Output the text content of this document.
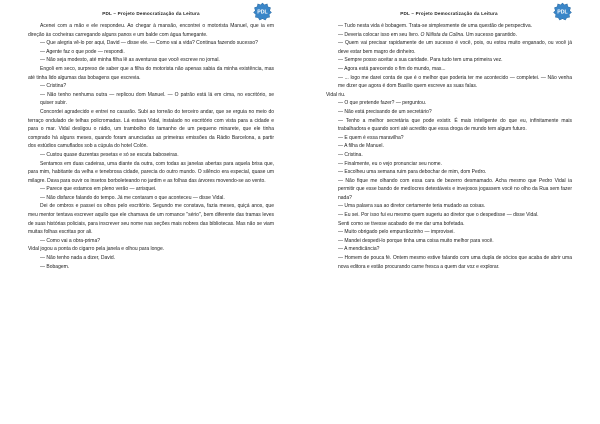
PDL – Projeto Democratização da Leitura	PDL

Acenei com a mão e ele respondeu. Ao chegar à mansão, encontrei o motorista Manuel, que ia em direção às cocheiras carregando alguns panos e um balde com água fumegante.

— Que alegria vê-lo por aqui, David — disse ele. — Como vai a vida? Continua fazendo sucesso?

— Agente faz o que pode — respondi.

— Não seja modesto, até minha filha lê as aventuras que você escreve no jornal.

Engoli em seco, surpreso de saber que a filha do motorista não apenas sabia da minha existência, mas até tinha lido algumas das bobagens que escrevia.

— Cristina?

— Não tenho nenhuma outra — replicou dom Manuel. — O patrão está lá em cima, no escritório, se quiser subir.

Concordei agradecido e entrei no casarão. Subi ao torreão do terceiro andar, que se erguia no meio do terraço ondulado de telhas policromadas. Lá estava Vidal, instalado no escritório com vista para a cidade e para o mar. Vidal desligou o rádio, um trambolho do tamanho de um pequeno minarete, que ele tinha comprado há alguns meses, quando foram anunciadas as primeiras emissões da Rádio Barcelona, a partir dos estúdios camuflados sob a cúpula do hotel Colón.

— Custou quase duzentas pesetas e só se escuta baboseiras.

Sentamos em duas cadeiras, uma diante da outra, com todas as janelas abertas para aquela brisa que, para mim, habitante da velha e tenebrosa cidade, parecia do outro mundo. O silêncio era especial, quase um milagre. Dava para ouvir os insetos borboleteando no jardim e as folhas das árvores movendo-se ao vento.

— Parece que estamos em pleno verão — arrisquei.

— Não disfarce falando do tempo. Já me contaram o que aconteceu — disse Vidal.

Dei de ombros e passei os olhos pelo escritório. Segundo me constava, fazia meses, quiçá anos, que meu mentor tentava escrever aquilo que ele chamava de um romance "sério", bem diferente das tramas leves de suas histórias policiais, para inscrever seu nome nas seções mais nobres das bibliotecas. Mas não se viam muitas folhas escritas por ali.

— Como vai a obra-prima?

Vidal jogou a ponta do cigarro pela janela e olhou para longe.

— Não tenho nada a dizer, David.

— Bobagem.

PDL – Projeto Democratização da Leitura	PDL

— Tudo nesta vida é bobagem. Trata-se simplesmente de uma questão de perspectiva.

— Deveria colocar isso em seu livro. O Niilista da Colina. Um sucesso garantido.

— Quem vai precisar rapidamente de um sucesso é você, pois, ou estou muito enganado, ou você já deve estar bem magro de dinheiro.

— Sempre posso aceitar a sua caridade. Para tudo tem uma primeira vez.

— Agora está parecendo o fim do mundo, mas...

— ... logo me darei conta de que é o melhor que poderia ter me acontecido — completei. — Não venha me dizer que agora é dom Basilio quem escreve as suas falas.

Vidal riu.

— O que pretende fazer? — perguntou.

— Não está precisando de um secretário?

— Tenho a melhor secretária que pode existir. É mais inteligente do que eu, infinitamente mais trabalhadora e quando sorri até acredito que essa droga de mundo tem algum futuro.

— E quem é essa maravilha?

— A filha de Manuel.

— Cristina.

— Finalmente, eu o vejo pronunciar seu nome.

— Escolheu uma semana ruim para debochar de mim, dom Pedro.

— Não fique me olhando com essa cara de bezerro desmamado. Acha mesmo que Pedro Vidal ia permitir que esse bando de medíocres detestáveis e invejosos jogassem você no olho da Rua sem fazer nada?

— Uma palavra sua ao diretor certamente teria mudado as coisas.

— Eu sei. Por isso fui eu mesmo quem sugeriu ao diretor que o despedisse — disse Vidal.

Senti como se tivesse acabado de me dar uma bofetada.

— Muito obrigado pelo empurrãozinho — improvisei.

— Mandei despedi-lo porque tinha uma coisa muito melhor para você.

— A mendicância?

— Homem de pouca fé. Ontem mesmo estive falando com uma dupla de sócios que acaba de abrir uma nova editora e estão procurando carne fresca a quem dar voz e explorar.
